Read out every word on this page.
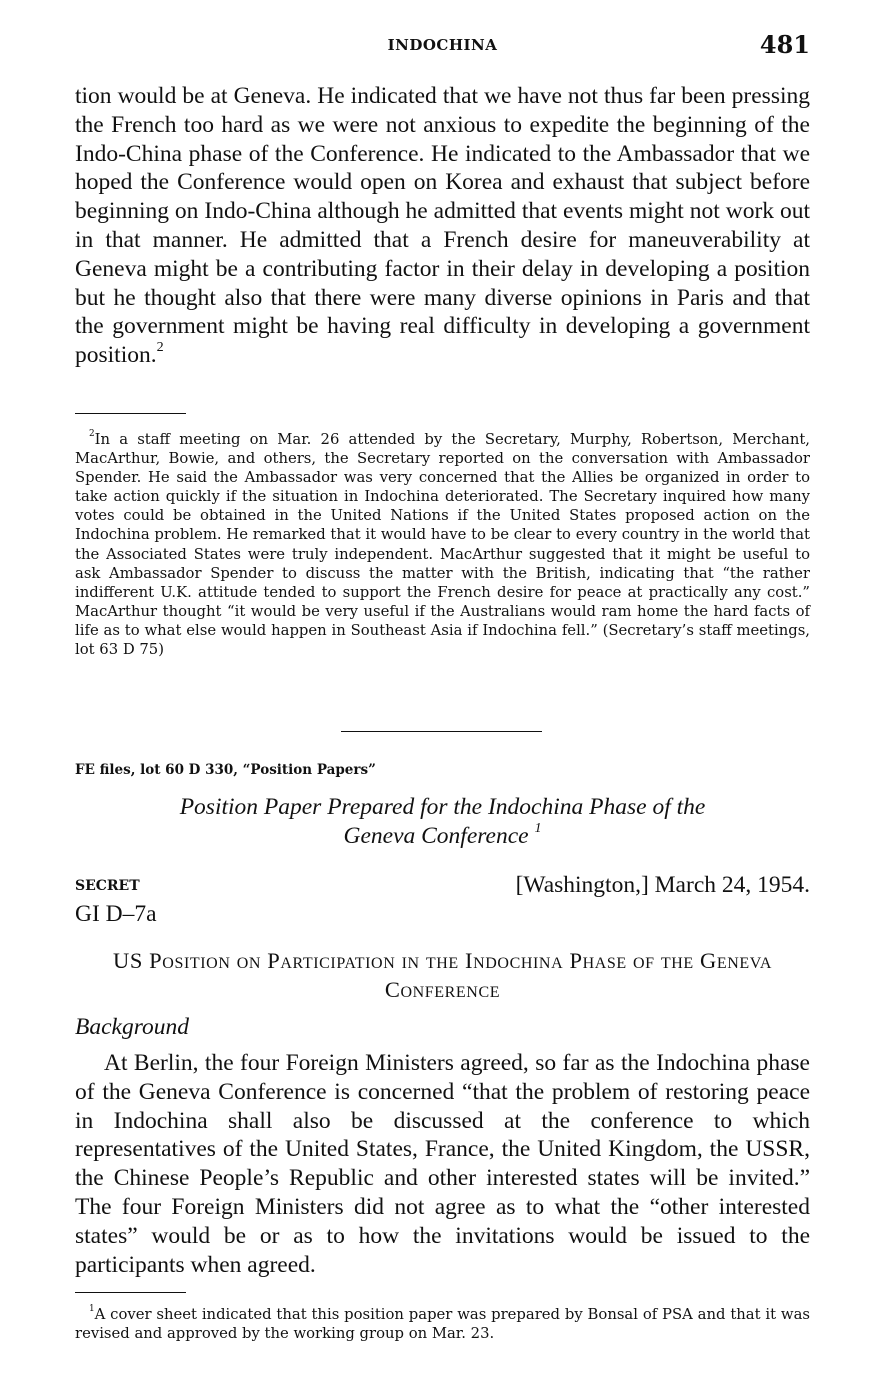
INDOCHINA	481

tion would be at Geneva. He indicated that we have not thus far been pressing the French too hard as we were not anxious to expedite the beginning of the Indo-China phase of the Conference. He indicated to the Ambassador that we hoped the Conference would open on Korea and exhaust that subject before beginning on Indo-China although he admitted that events might not work out in that manner. He admitted that a French desire for maneuverability at Geneva might be a contributing factor in their delay in developing a position but he thought also that there were many diverse opinions in Paris and that the government might be having real difficulty in developing a government position.$^2$

$^2$In a staff meeting on Mar. 26 attended by the Secretary, Murphy, Robertson, Merchant, MacArthur, Bowie, and others, the Secretary reported on the conversation with Ambassador Spender. He said the Ambassador was very concerned that the Allies be organized in order to take action quickly if the situation in Indochina deteriorated. The Secretary inquired how many votes could be obtained in the United Nations if the United States proposed action on the Indochina problem. He remarked that it would have to be clear to every country in the world that the Associated States were truly independent. MacArthur suggested that it might be useful to ask Ambassador Spender to discuss the matter with the British, indicating that “the rather indifferent U.K. attitude tended to support the French desire for peace at practically any cost.” MacArthur thought “it would be very useful if the Australians would ram home the hard facts of life as to what else would happen in Southeast Asia if Indochina fell.” (Secretary’s staff meetings, lot 63 D 75)

FE files, lot 60 D 330, “Position Papers”
Position Paper Prepared for the Indochina Phase of the
Geneva Conference $^1$
SECRET	[Washington,] March 24, 1954.
GI D–7a
US Position on Participation in the Indochina Phase of the Geneva Conference
Background

At Berlin, the four Foreign Ministers agreed, so far as the Indochina phase of the Geneva Conference is concerned “that the problem of restoring peace in Indochina shall also be discussed at the conference to which representatives of the United States, France, the United Kingdom, the USSR, the Chinese People’s Republic and other interested states will be invited.” The four Foreign Ministers did not agree as to what the “other interested states” would be or as to how the invitations would be issued to the participants when agreed.

$^1$A cover sheet indicated that this position paper was prepared by Bonsal of PSA and that it was revised and approved by the working group on Mar. 23.
